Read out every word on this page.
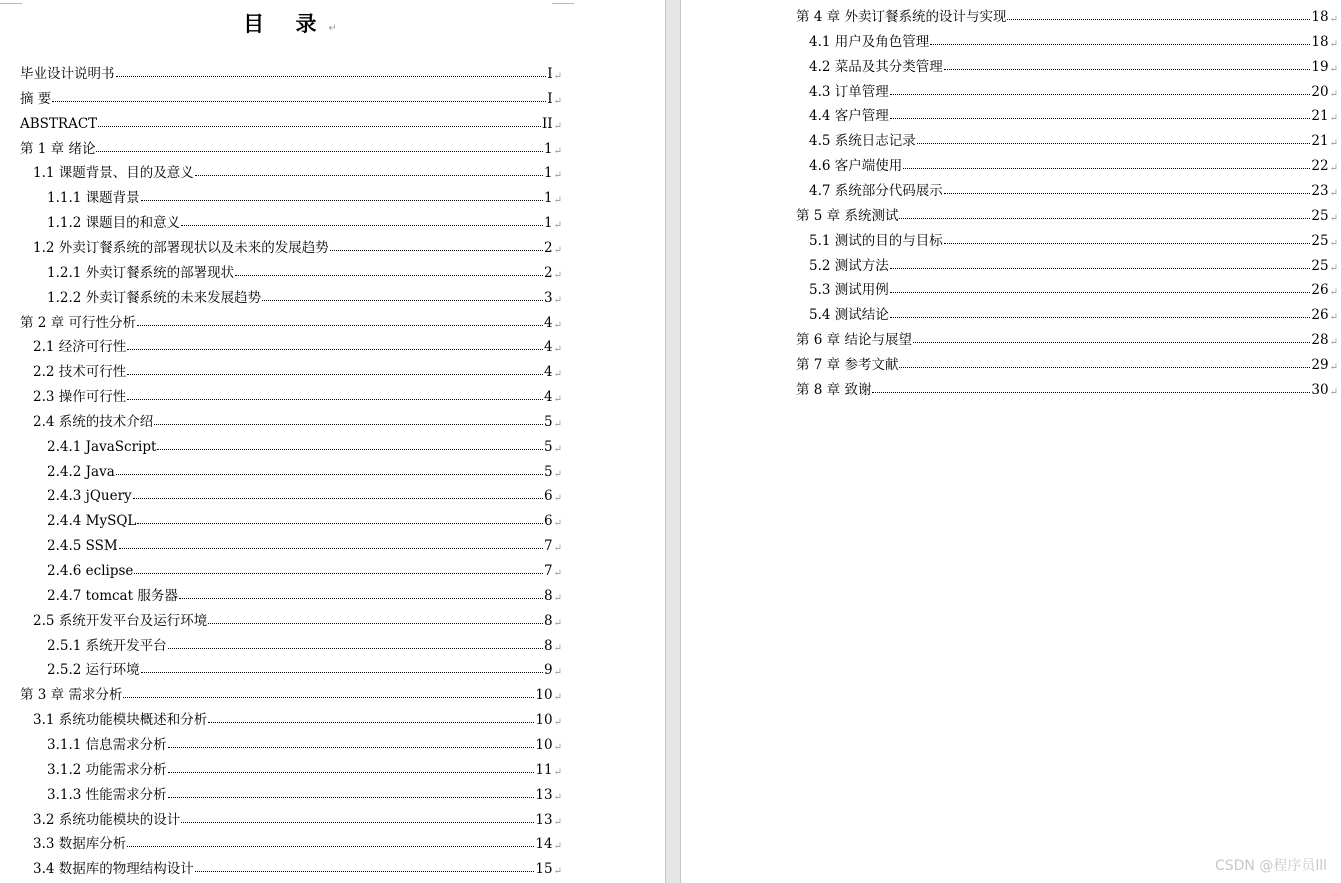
目 录↵
毕业设计说明书	I ↵
摘 要	I ↵
ABSTRACT	II ↵
第 1 章 绪论	1 ↵
1.1 课题背景、目的及意义	1 ↵
1.1.1 课题背景	1 ↵
1.1.2 课题目的和意义	1 ↵
1.2 外卖订餐系统的部署现状以及未来的发展趋势	2 ↵
1.2.1 外卖订餐系统的部署现状	2 ↵
1.2.2 外卖订餐系统的未来发展趋势	3 ↵
第 2 章 可行性分析	4 ↵
2.1 经济可行性	4 ↵
2.2 技术可行性	4 ↵
2.3 操作可行性	4 ↵
2.4 系统的技术介绍	5 ↵
2.4.1 JavaScript	5 ↵
2.4.2 Java	5 ↵
2.4.3 jQuery	6 ↵
2.4.4 MySQL	6 ↵
2.4.5 SSM	7 ↵
2.4.6 eclipse	7 ↵
2.4.7 tomcat 服务器	8 ↵
2.5 系统开发平台及运行环境	8 ↵
2.5.1 系统开发平台	8 ↵
2.5.2 运行环境	9 ↵
第 3 章 需求分析	10 ↵
3.1 系统功能模块概述和分析	10 ↵
3.1.1 信息需求分析	10 ↵
3.1.2 功能需求分析	11 ↵
3.1.3 性能需求分析	13 ↵
3.2 系统功能模块的设计	13 ↵
3.3 数据库分析	14 ↵
3.4 数据库的物理结构设计	15 ↵
第 4 章 外卖订餐系统的设计与实现	18 ↵
4.1 用户及角色管理	18 ↵
4.2 菜品及其分类管理	19 ↵
4.3 订单管理	20 ↵
4.4 客户管理	21 ↵
4.5 系统日志记录	21 ↵
4.6 客户端使用	22 ↵
4.7 系统部分代码展示	23 ↵
第 5 章 系统测试	25 ↵
5.1 测试的目的与目标	25 ↵
5.2 测试方法	25 ↵
5.3 测试用例	26 ↵
5.4 测试结论	26 ↵
第 6 章 结论与展望	28 ↵
第 7 章 参考文献	29 ↵
第 8 章 致谢	30 ↵
CSDN @程序员lll
